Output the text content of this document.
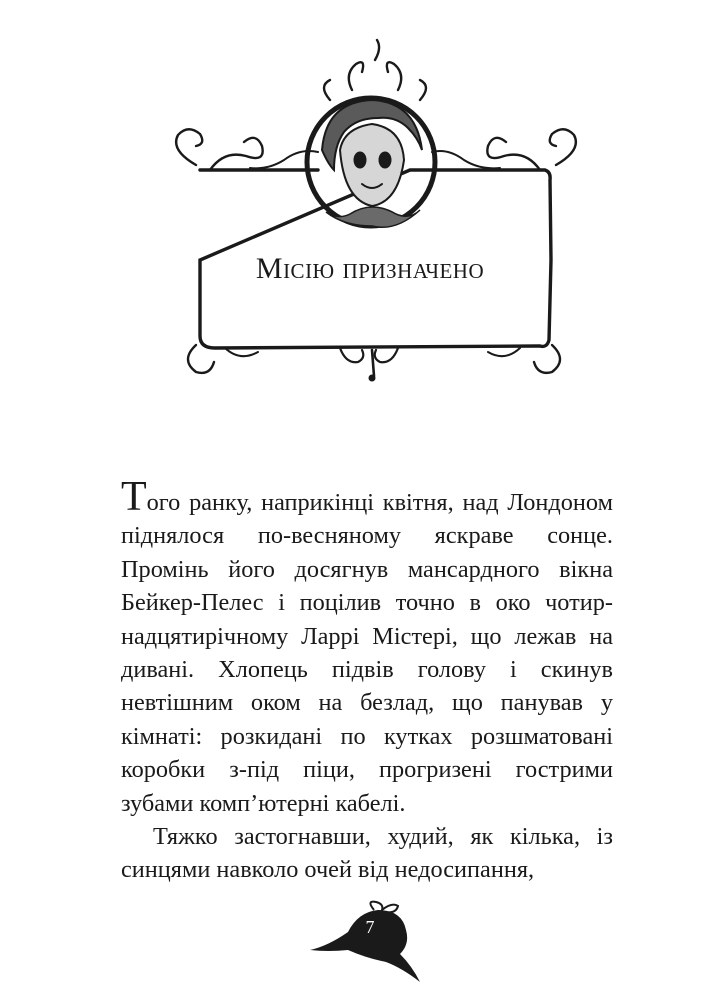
Місію призначено

Того ранку, наприкінці квітня, над Лондоном піднялося по-весняному яскраве сонце. Промінь його досягнув мансардного вікна Бейкер-Пелес і поцілив точно в око чотирнадцятирічному Ларрі Містері, що лежав на дивані. Хлопець підвів голову і скинув невтішним оком на безлад, що панував у кімнаті: розкидані по кутках розшматовані коробки з-під піци, прогризені гострими зубами комп’ютерні кабелі.

Тяжко застогнавши, худий, як кілька, із синцями навколо очей від недосипання,

7
